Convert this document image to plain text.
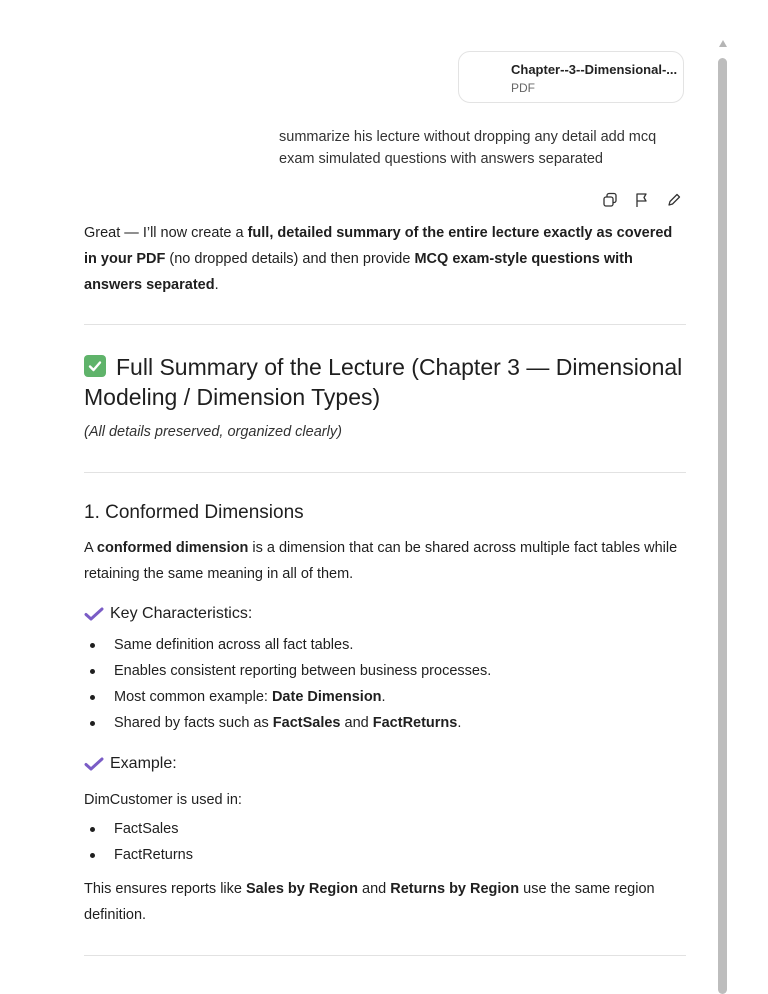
Chapter--3--Dimensional-...
PDF
summarize his lecture without dropping any detail add mcq exam simulated questions with answers separated
Great — I’ll now create a full, detailed summary of the entire lecture exactly as covered in your PDF (no dropped details) and then provide MCQ exam-style questions with answers separated.
Full Summary of the Lecture (Chapter 3 — Dimensional Modeling / Dimension Types)
(All details preserved, organized clearly)
1. Conformed Dimensions
A conformed dimension is a dimension that can be shared across multiple fact tables while retaining the same meaning in all of them.
Key Characteristics:
Same definition across all fact tables.
Enables consistent reporting between business processes.
Most common example: Date Dimension.
Shared by facts such as FactSales and FactReturns.
Example:
DimCustomer is used in:
FactSales
FactReturns
This ensures reports like Sales by Region and Returns by Region use the same region definition.
